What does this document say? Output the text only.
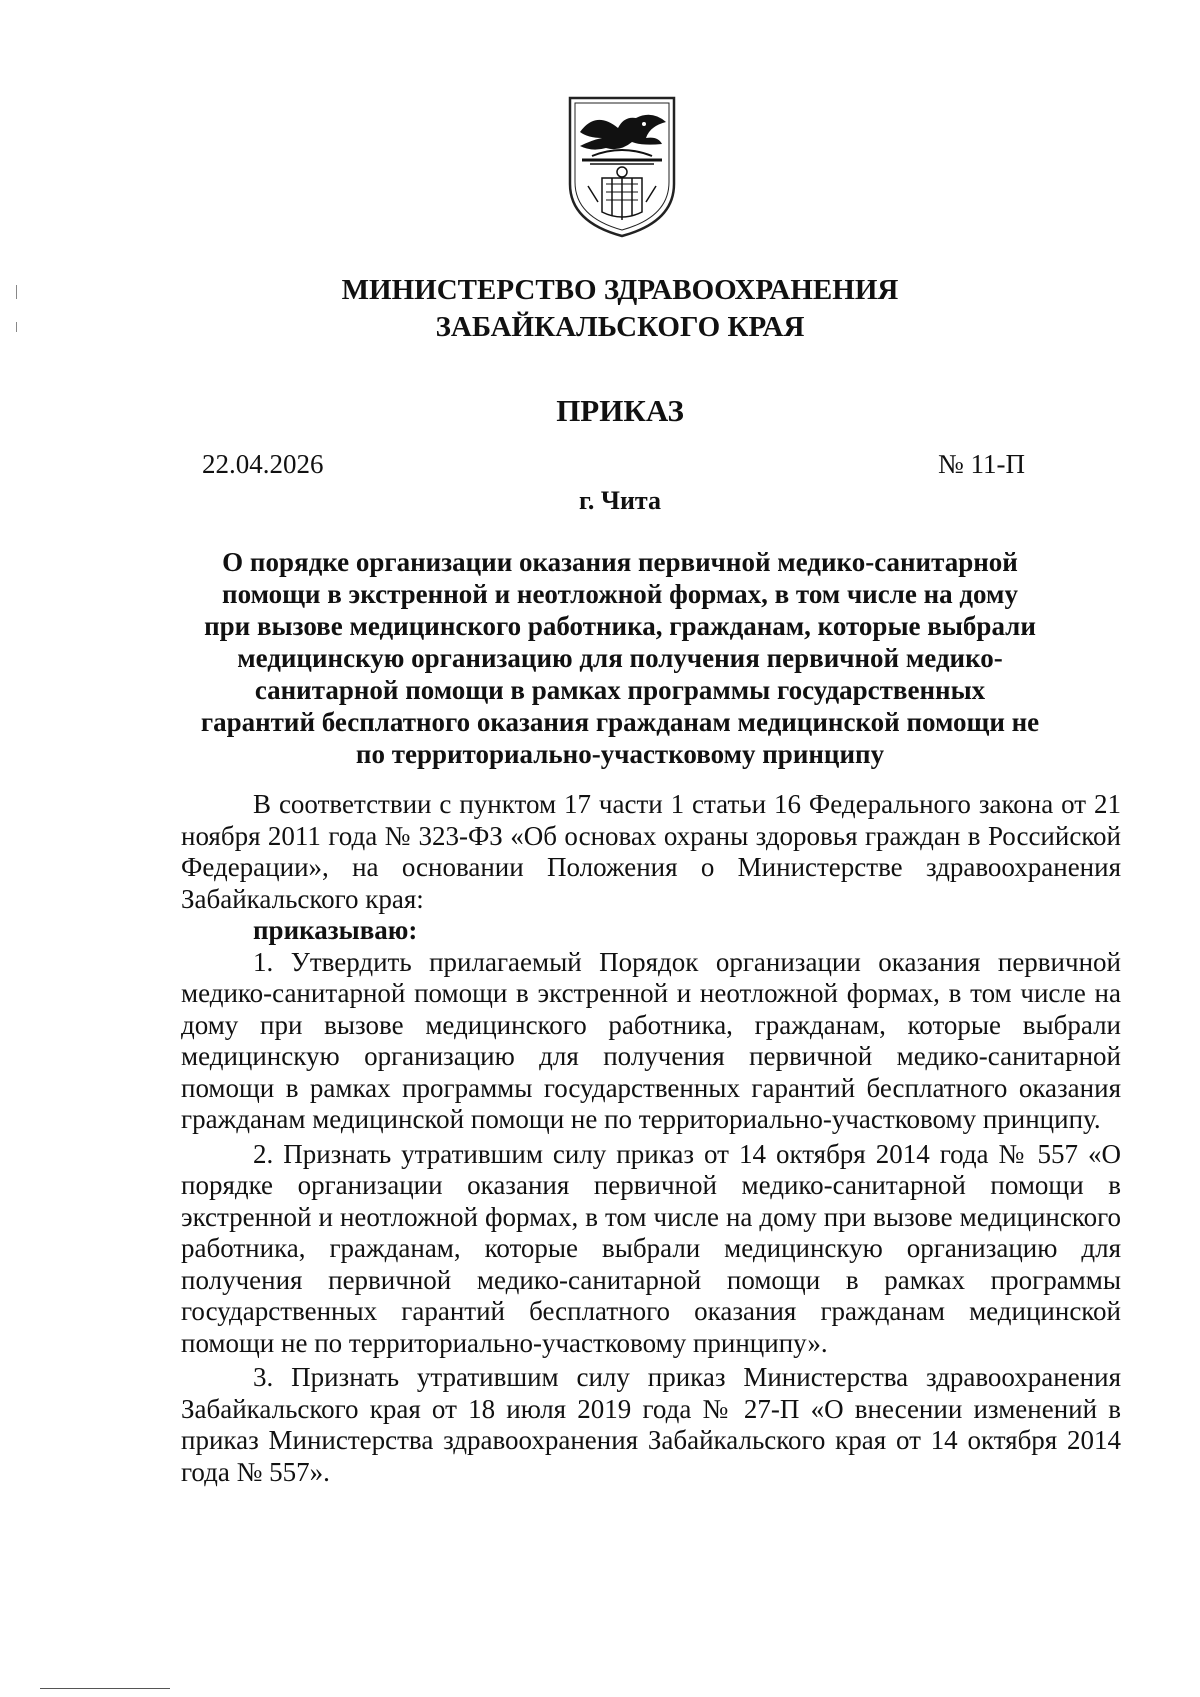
МИНИСТЕРСТВО ЗДРАВООХРАНЕНИЯ
ЗАБАЙКАЛЬСКОГО КРАЯ
ПРИКАЗ
22.04.2026	№ 11-П
г. Чита
О порядке организации оказания первичной медико-санитарной помощи в экстренной и неотложной формах, в том числе на дому при вызове медицинского работника, гражданам, которые выбрали медицинскую организацию для получения первичной медико-санитарной помощи в рамках программы государственных гарантий бесплатного оказания гражданам медицинской помощи не по территориально-участковому принципу

В соответствии с пунктом 17 части 1 статьи 16 Федерального закона от 21 ноября 2011 года № 323-ФЗ «Об основах охраны здоровья граждан в Российской Федерации», на основании Положения о Министерстве здравоохранения Забайкальского края:

приказываю:

1. Утвердить прилагаемый Порядок организации оказания первичной медико-санитарной помощи в экстренной и неотложной формах, в том числе на дому при вызове медицинского работника, гражданам, которые выбрали медицинскую организацию для получения первичной медико-санитарной помощи в рамках программы государственных гарантий бесплатного оказания гражданам медицинской помощи не по территориально-участковому принципу.

2. Признать утратившим силу приказ от 14 октября 2014 года № 557 «О порядке организации оказания первичной медико-санитарной помощи в экстренной и неотложной формах, в том числе на дому при вызове медицинского работника, гражданам, которые выбрали медицинскую организацию для получения первичной медико-санитарной помощи в рамках программы государственных гарантий бесплатного оказания гражданам медицинской помощи не по территориально-участковому принципу».

3. Признать утратившим силу приказ Министерства здравоохранения Забайкальского края от 18 июля 2019 года № 27-П «О внесении изменений в приказ Министерства здравоохранения Забайкальского края от 14 октября 2014 года № 557».
